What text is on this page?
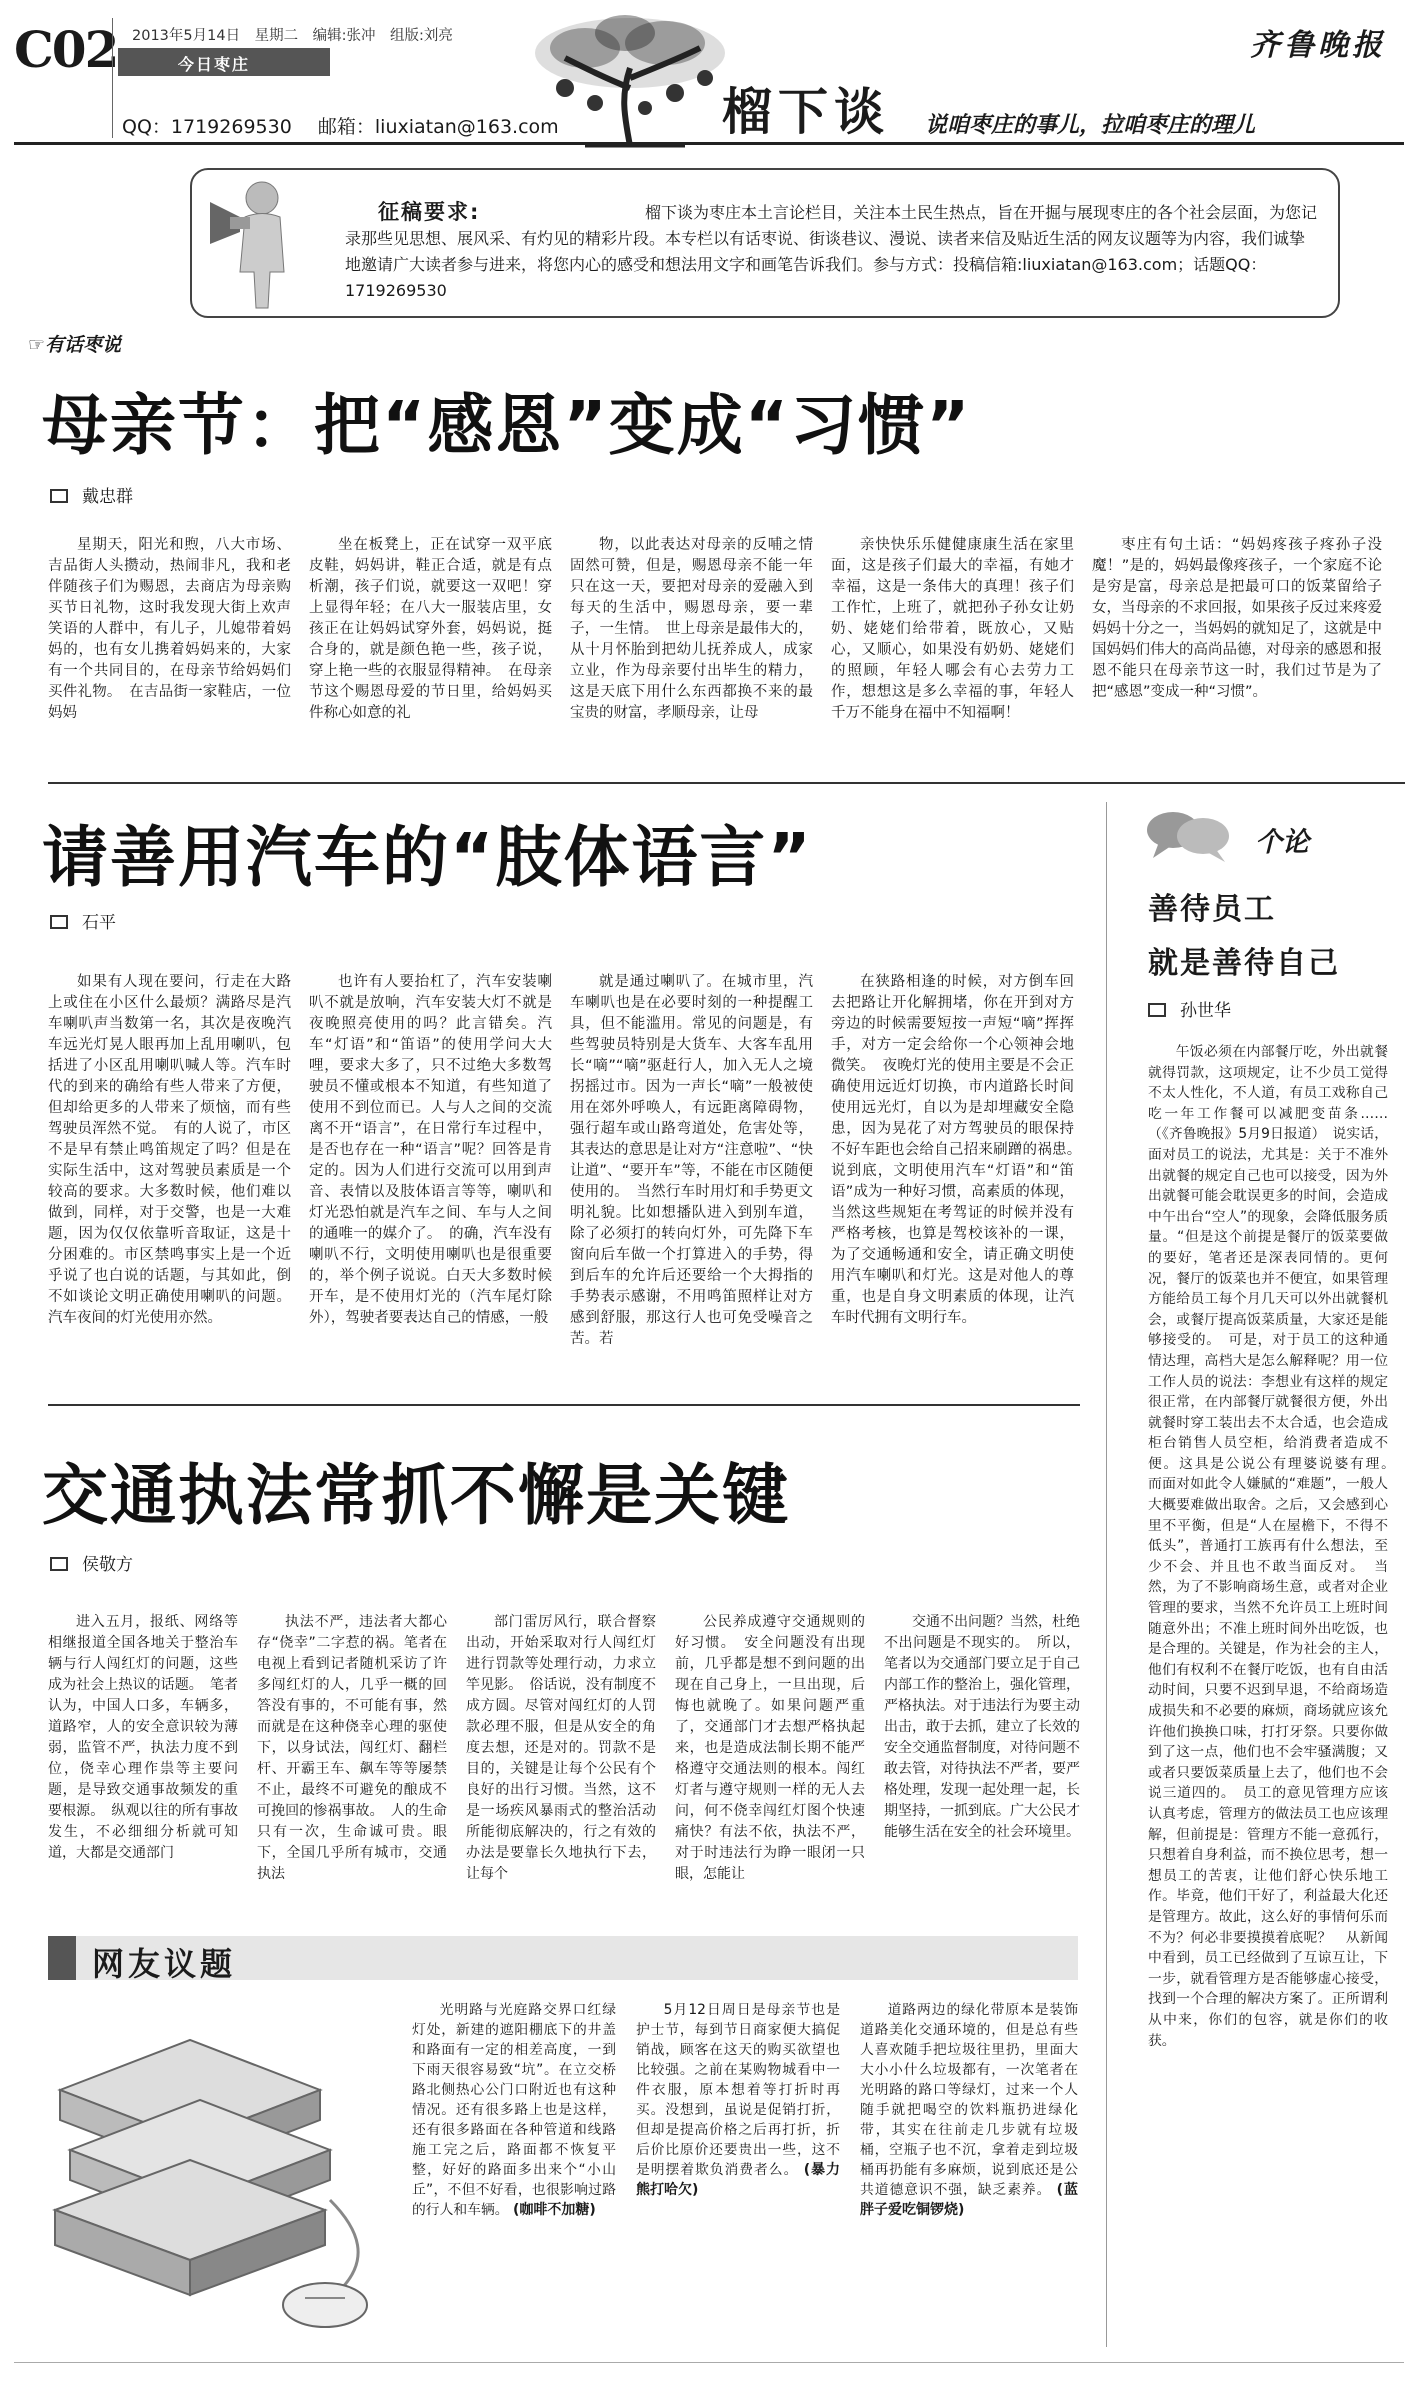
C02 2013年5月14日　星期二　编辑:张冲　组版:刘亮
今日枣庄
QQ：1719269530 邮箱：liuxiatan@163.com	榴下谈 说咱枣庄的事儿，拉咱枣庄的理儿
齐鲁晚报
征稿要求:	榴下谈为枣庄本土言论栏目，关注本土民生热点，旨在开掘与展现枣庄的各个社会层面，为您记录那些见思想、展风采、有灼见的精彩片段。本专栏以有话枣说、街谈巷议、漫说、读者来信及贴近生活的网友议题等为内容，我们诚挚地邀请广大读者参与进来，将您内心的感受和想法用文字和画笔告诉我们。参与方式：投稿信箱:liuxiatan@163.com；话题QQ：1719269530

☞有话枣说
母亲节：把“感恩”变成“习惯”
戴忠群

星期天，阳光和煦，八大市场、吉品街人头攒动，热闹非凡，我和老伴随孩子们为赐恩，去商店为母亲购买节日礼物，这时我发现大街上欢声笑语的人群中，有儿子，儿媳带着妈妈的，也有女儿携着妈妈来的，大家有一个共同目的，在母亲节给妈妈们买件礼物。　在吉品街一家鞋店，一位妈妈

坐在板凳上，正在试穿一双平底皮鞋，妈妈讲，鞋正合适，就是有点析潮，孩子们说，就要这一双吧！穿上显得年轻；在八大一服装店里，女孩正在让妈妈试穿外套，妈妈说，挺合身的，就是颜色艳一些，孩子说，穿上艳一些的衣服显得精神。　在母亲节这个赐恩母爱的节日里，给妈妈买件称心如意的礼

物，以此表达对母亲的反哺之情固然可赞，但是，赐恩母亲不能一年只在这一天，要把对母亲的爱融入到每天的生活中，赐恩母亲，要一辈子，一生情。　世上母亲是最伟大的，从十月怀胎到把幼儿抚养成人，成家立业，作为母亲要付出毕生的精力，这是天底下用什么东西都换不来的最宝贵的财富，孝顺母亲，让母

亲快快乐乐健健康康生活在家里面，这是孩子们最大的幸福，有她才幸福，这是一条伟大的真理！孩子们工作忙，上班了，就把孙子孙女让奶奶、姥姥们给带着，既放心，又贴心，又顺心，如果没有奶奶、姥姥们的照顾，年轻人哪会有心去劳力工作，想想这是多么幸福的事，年轻人千万不能身在福中不知福啊！

枣庄有句土话：“妈妈疼孩子疼孙子没魔！”是的，妈妈最像疼孩子，一个家庭不论是穷是富，母亲总是把最可口的饭菜留给子女，当母亲的不求回报，如果孩子反过来疼爱妈妈十分之一，当妈妈的就知足了，这就是中国妈妈们伟大的高尚品德，对母亲的感恩和报恩不能只在母亲节这一时，我们过节是为了把“感恩”变成一种“习惯”。

请善用汽车的“肢体语言”
石平

如果有人现在要问，行走在大路上或住在小区什么最烦？满路尽是汽车喇叭声当数第一名，其次是夜晚汽车远光灯晃人眼再加上乱用喇叭，包括进了小区乱用喇叭喊人等。汽车时代的到来的确给有些人带来了方便，但却给更多的人带来了烦恼，而有些驾驶员浑然不觉。　有的人说了，市区不是早有禁止鸣笛规定了吗？但是在实际生活中，这对驾驶员素质是一个较高的要求。大多数时候，他们难以做到，同样，对于交警，也是一大难题，因为仅仅依靠听音取证，这是十分困难的。市区禁鸣事实上是一个近乎说了也白说的话题，与其如此，倒不如谈论文明正确使用喇叭的问题。汽车夜间的灯光使用亦然。

也许有人要抬杠了，汽车安装喇叭不就是放响，汽车安装大灯不就是夜晚照亮使用的吗？此言错矣。汽车“灯语”和“笛语”的使用学问大大哩，要求大多了，只不过绝大多数驾驶员不懂或根本不知道，有些知道了使用不到位而已。人与人之间的交流离不开“语言”，在日常行车过程中，是否也存在一种“语言”呢？回答是肯定的。因为人们进行交流可以用到声音、表情以及肢体语言等等，喇叭和灯光恐怕就是汽车之间、车与人之间的通唯一的媒介了。　的确，汽车没有喇叭不行，文明使用喇叭也是很重要的，举个例子说说。白天大多数时候开车，是不使用灯光的（汽车尾灯除外），驾驶者要表达自己的情感，一般

就是通过喇叭了。在城市里，汽车喇叭也是在必要时刻的一种提醒工具，但不能滥用。常见的问题是，有些驾驶员特别是大货车、大客车乱用长“嘀”“嘀”驱赶行人，加入无人之境拐摇过市。因为一声长“嘀”一般被使用在郊外呼唤人，有远距离障碍物，强行超车或山路弯道处，危害处等，其表达的意思是让对方“注意啦”、“快让道”、“要开车”等，不能在市区随便使用的。　当然行车时用灯和手势更文明礼貌。比如想播队进入到别车道，除了必须打的转向灯外，可先降下车窗向后车做一个打算进入的手势，得到后车的允许后还要给一个大拇指的手势表示感谢，不用鸣笛照样让对方感到舒服，那这行人也可免受噪音之苦。若

在狭路相逢的时候，对方倒车回去把路让开化解拥堵，你在开到对方旁边的时候需要短按一声短“嘀”挥挥手，对方一定会给你一个心领神会地微笑。　夜晚灯光的使用主要是不会正确使用远近灯切换，市内道路长时间使用远光灯，自以为是却埋藏安全隐患，因为晃花了对方驾驶员的眼保持不好车距也会给自己招来刷蹭的祸患。　说到底，文明使用汽车“灯语”和“笛语”成为一种好习惯，高素质的体现，当然这些规矩在考驾证的时候并没有严格考核，也算是驾校该补的一课，为了交通畅通和安全，请正确文明使用汽车喇叭和灯光。这是对他人的尊重，也是自身文明素质的体现，让汽车时代拥有文明行车。

交通执法常抓不懈是关键
侯敬方

进入五月，报纸、网络等相继报道全国各地关于整治车辆与行人闯红灯的问题，这些成为社会上热议的话题。　笔者认为，中国人口多，车辆多，道路窄，人的安全意识较为薄弱，监管不严，执法力度不到位，侥幸心理作祟等主要问题，是导致交通事故频发的重要根源。　纵观以往的所有事故发生，不必细细分析就可知道，大都是交通部门

执法不严，违法者大都心存“侥幸”二字惹的祸。笔者在电视上看到记者随机采访了许多闯红灯的人，几乎一概的回答没有事的，不可能有事，然而就是在这种侥幸心理的驱使下，以身试法，闯红灯、翻栏杆、开霸王车、飙车等等屡禁不止，最终不可避免的酿成不可挽回的惨祸事故。　人的生命只有一次，生命诚可贵。眼下，全国几乎所有城市，交通执法

部门雷厉风行，联合督察出动，开始采取对行人闯红灯进行罚款等处理行动，力求立竿见影。　俗话说，没有制度不成方圆。尽管对闯红灯的人罚款必理不服，但是从安全的角度去想，还是对的。罚款不是目的，关键是让每个公民有个良好的出行习惯。当然，这不是一场疾风暴雨式的整治活动所能彻底解决的，行之有效的办法是要靠长久地执行下去，让每个

公民养成遵守交通规则的好习惯。　安全问题没有出现前，几乎都是想不到问题的出现在自己身上，一旦出现，后悔也就晚了。如果问题严重了，交通部门才去想严格执起来，也是造成法制长期不能严格遵守交通法则的根本。闯红灯者与遵守规则一样的无人去问，何不侥幸闯红灯图个快速痛快？有法不依，执法不严，对于时违法行为睁一眼闭一只眼，怎能让

交通不出问题？当然，杜绝不出问题是不现实的。　所以，笔者以为交通部门要立足于自己内部工作的整治上，强化管理，严格执法。对于违法行为要主动出击，敢于去抓，建立了长效的安全交通监督制度，对待问题不敢去管，对待执法不严者，要严格处理，发现一起处理一起，长期坚持，一抓到底。广大公民才能够生活在安全的社会环境里。

个论
善待员工
就是善待自己
孙世华

午饭必须在内部餐厅吃，外出就餐就得罚款，这项规定，让不少员工觉得不太人性化，不人道，有员工戏称自己吃一年工作餐可以减肥变苗条……（《齐鲁晚报》5月9日报道）　说实话，面对员工的说法，尤其是：关于不准外出就餐的规定自己也可以接受，因为外出就餐可能会耽误更多的时间，会造成中午出台“空人”的现象，会降低服务质量。“但是这个前提是餐厅的饭菜要做的要好，笔者还是深表同情的。更何况，餐厅的饭菜也并不便宜，如果管理方能给员工每个月几天可以外出就餐机会，或餐厅提高饭菜质量，大家还是能够接受的。　可是，对于员工的这种通情达理，高档大是怎么解释呢？用一位工作人员的说法：李想业有这样的规定很正常，在内部餐厅就餐很方便，外出就餐时穿工装出去不太合适，也会造成柜台销售人员空柜，给消费者造成不便。这具是公说公有理婆说婆有理。　而面对如此令人嫌腻的“难题”，一般人大概要难做出取舍。之后，又会感到心里不平衡，但是“人在屋檐下，不得不低头”，普通打工族再有什么想法，至少不会、并且也不敢当面反对。　当然，为了不影响商场生意，或者对企业管理的要求，当然不允许员工上班时间随意外出；不准上班时间外出吃饭，也是合理的。关键是，作为社会的主人，他们有权利不在餐厅吃饭，也有自由活动时间，只要不迟到早退，不给商场造成损失和不必要的麻烦，商场就应该允许他们换换口味，打打牙祭。只要你做到了这一点，他们也不会牢骚满腹；又或者只要饭菜质量上去了，他们也不会说三道四的。　员工的意见管理方应该认真考虑，管理方的做法员工也应该理解，但前提是：管理方不能一意孤行，只想着自身利益，而不换位思考，想一想员工的苦衷，让他们舒心快乐地工作。毕竟，他们干好了，利益最大化还是管理方。故此，这么好的事情何乐而不为？何必非要摸摸着底呢？　从新闻中看到，员工已经做到了互谅互让，下一步，就看管理方是否能够虚心接受，找到一个合理的解决方案了。正所谓利从中来，你们的包容，就是你们的收获。

网友议题

光明路与光庭路交界口红绿灯处，新建的遮阳棚底下的井盖和路面有一定的相差高度，一到下雨天很容易致“坑”。在立交桥路北侧热心公门口附近也有这种情况。还有很多路上也是这样，还有很多路面在各种管道和线路施工完之后，路面都不恢复平整，好好的路面多出来个“小山丘”，不但不好看，也很影响过路的行人和车辆。 (咖啡不加糖)

5月12日周日是母亲节也是护士节，每到节日商家便大搞促销战，顾客在这天的购买欲望也比较强。之前在某购物城看中一件衣服，原本想着等打折时再买。没想到，虽说是促销打折，但却是提高价格之后再打折，折后价比原价还要贵出一些，这不是明摆着欺负消费者么。 (暴力熊打哈欠)

道路两边的绿化带原本是装饰道路美化交通环境的，但是总有些人喜欢随手把垃圾往里扔，里面大大小小什么垃圾都有，一次笔者在光明路的路口等绿灯，过来一个人随手就把喝空的饮料瓶扔进绿化带，其实在往前走几步就有垃圾桶，空瓶子也不沉，拿着走到垃圾桶再扔能有多麻烦，说到底还是公共道德意识不强，缺乏素养。 (蓝胖子爱吃铜锣烧)
